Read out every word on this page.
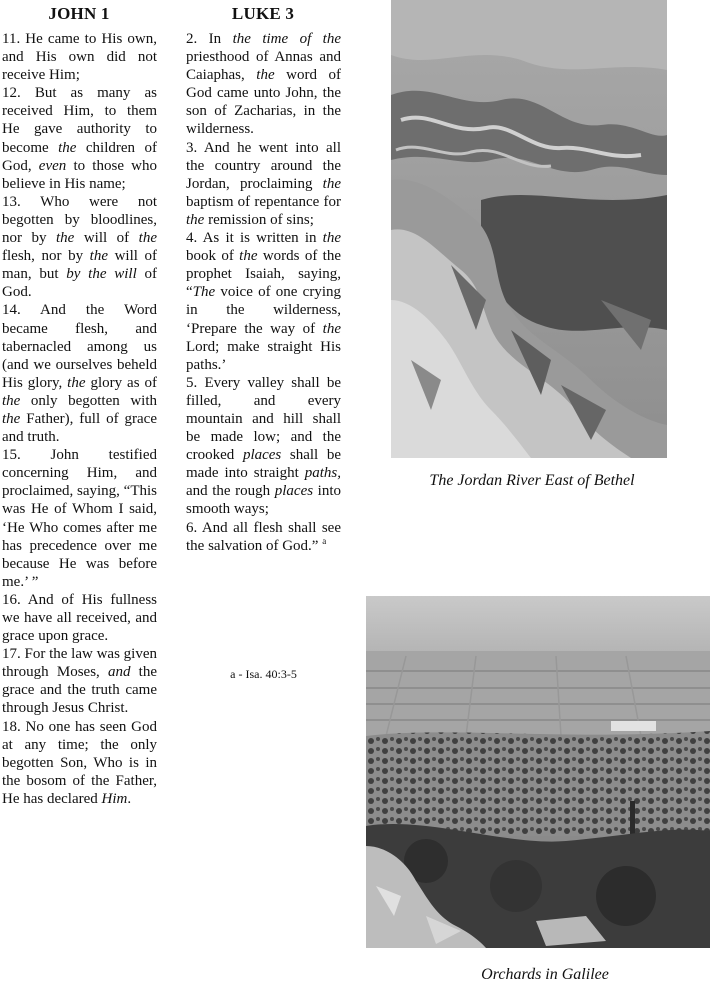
JOHN 1	LUKE 3

11. He came to His own, and His own did not receive Him;

12. But as many as received Him, to them He gave authority to become the children of God, even to those who believe in His name;

13. Who were not begotten by bloodlines, nor by the will of the flesh, nor by the will of man, but by the will of God.

14. And the Word became flesh, and tabernacled among us (and we ourselves beheld His glory, the glory as of the only begotten with the Father), full of grace and truth.

15. John testified concerning Him, and proclaimed, saying, “This was He of Whom I said, ‘He Who comes after me has precedence over me because He was before me.’ ”

16. And of His fullness we have all received, and grace upon grace.

17. For the law was given through Moses, and the grace and the truth came through Jesus Christ.

18. No one has seen God at any time; the only begotten Son, Who is in the bosom of the Father, He has declared Him.

2. In the time of the priesthood of Annas and Caiaphas, the word of God came unto John, the son of Zacharias, in the wilderness.

3. And he went into all the country around the Jordan, proclaiming the baptism of repentance for the remission of sins;

4. As it is written in the book of the words of the prophet Isaiah, saying, “The voice of one crying in the wilderness, ‘Prepare the way of the Lord; make straight His paths.’

5. Every valley shall be filled, and every mountain and hill shall be made low; and the crooked places shall be made into straight paths, and the rough places into smooth ways;

6. And all flesh shall see the salvation of God.” $^a$

a - Isa. 40:3-5
The Jordan River East of Bethel
Orchards in Galilee
